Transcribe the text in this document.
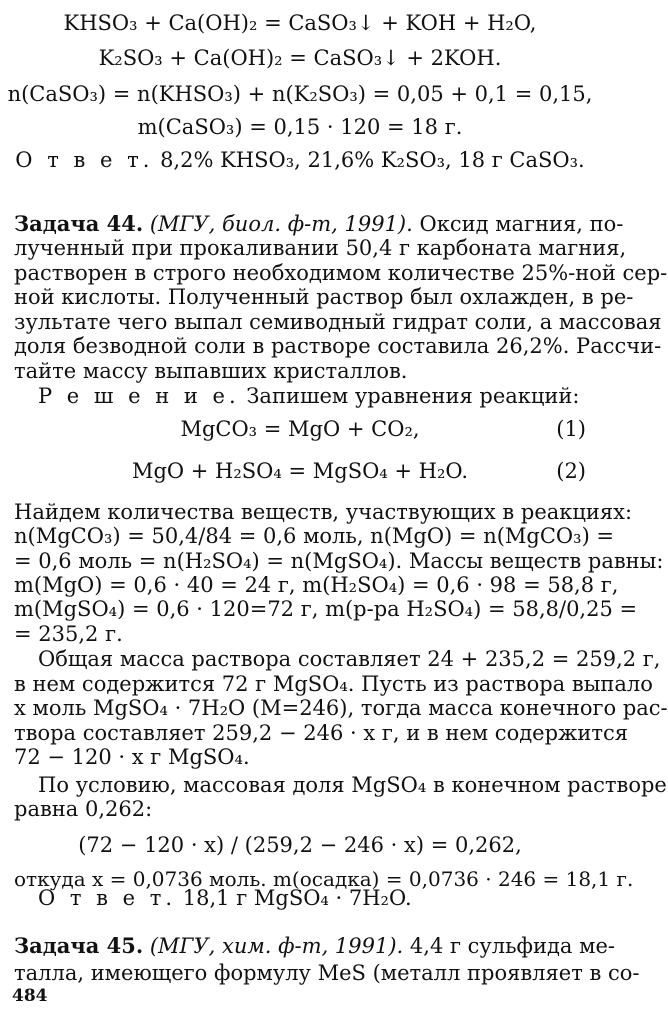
KHSO₃ + Ca(OH)₂ = CaSO₃↓ + KOH + H₂O,
K₂SO₃ + Ca(OH)₂ = CaSO₃↓ + 2KOH.
n(CaSO₃) = n(KHSO₃) + n(K₂SO₃) = 0,05 + 0,1 = 0,15,
m(CaSO₃) = 0,15 · 120 = 18 г.
О т в е т. 8,2% KHSO₃, 21,6% K₂SO₃, 18 г CaSO₃.
Задача 44. (МГУ, биол. ф-т, 1991). Оксид магния, по-
лученный при прокаливании 50,4 г карбоната магния,
растворен в строго необходимом количестве 25%-ной сер-
ной кислоты. Полученный раствор был охлажден, в ре-
зультате чего выпал семиводный гидрат соли, а массовая
доля безводной соли в растворе составила 26,2%. Рассчи-
тайте массу выпавших кристаллов.
Р е ш е н и е. Запишем уравнения реакций:
MgCO₃ = MgO + CO₂,	(1)
MgO + H₂SO₄ = MgSO₄ + H₂O.	(2)
Найдем количества веществ, участвующих в реакциях:
n(MgCO₃) = 50,4/84 = 0,6 моль, n(MgO) = n(MgCO₃) =
= 0,6 моль = n(H₂SO₄) = n(MgSO₄). Массы веществ равны:
m(MgO) = 0,6 · 40 = 24 г, m(H₂SO₄) = 0,6 · 98 = 58,8 г,
m(MgSO₄) = 0,6 · 120=72 г, m(р-ра H₂SO₄) = 58,8/0,25 =
= 235,2 г.
Общая масса раствора составляет 24 + 235,2 = 259,2 г,
в нем содержится 72 г MgSO₄. Пусть из раствора выпало
x моль MgSO₄ · 7H₂O (M=246), тогда масса конечного рас-
твора составляет 259,2 − 246 · x г, и в нем содержится
72 − 120 · x г MgSO₄.
По условию, массовая доля MgSO₄ в конечном растворе
равна 0,262:
(72 − 120 · x) / (259,2 − 246 · x) = 0,262,
откуда x = 0,0736 моль. m(осадка) = 0,0736 · 246 = 18,1 г.
О т в е т. 18,1 г MgSO₄ · 7H₂O.
Задача 45. (МГУ, хим. ф-т, 1991). 4,4 г сульфида ме-
талла, имеющего формулу MeS (металл проявляет в со-
484
